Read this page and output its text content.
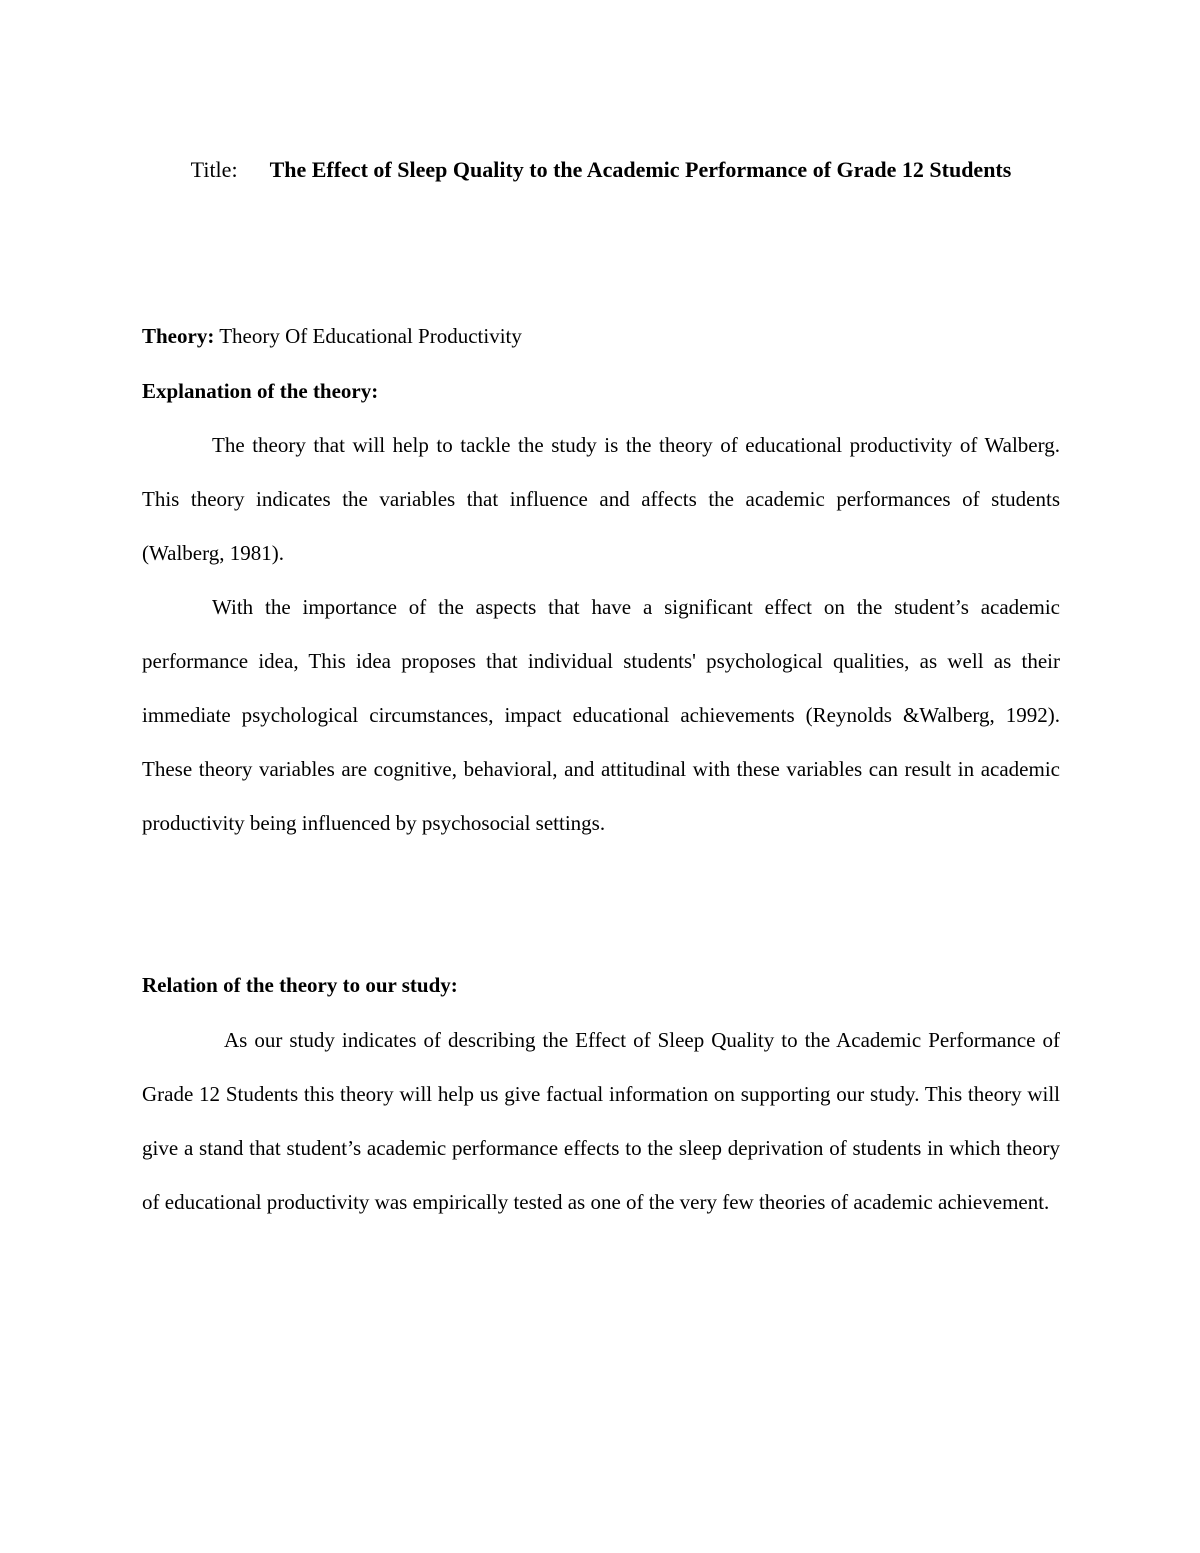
Title: The Effect of Sleep Quality to the Academic Performance of Grade 12 Students
Theory: Theory Of Educational Productivity
Explanation of the theory:

The theory that will help to tackle the study is the theory of educational productivity of Walberg. This theory indicates the variables that influence and affects the academic performances of students (Walberg, 1981).

With the importance of the aspects that have a significant effect on the student’s academic performance idea, This idea proposes that individual students' psychological qualities, as well as their immediate psychological circumstances, impact educational achievements (Reynolds &Walberg, 1992). These theory variables are cognitive, behavioral, and attitudinal with these variables can result in academic productivity being influenced by psychosocial settings.

Relation of the theory to our study:

As our study indicates of describing the Effect of Sleep Quality to the Academic Performance of Grade 12 Students this theory will help us give factual information on supporting our study. This theory will give a stand that student’s academic performance effects to the sleep deprivation of students in which theory of educational productivity was empirically tested as one of the very few theories of academic achievement.
